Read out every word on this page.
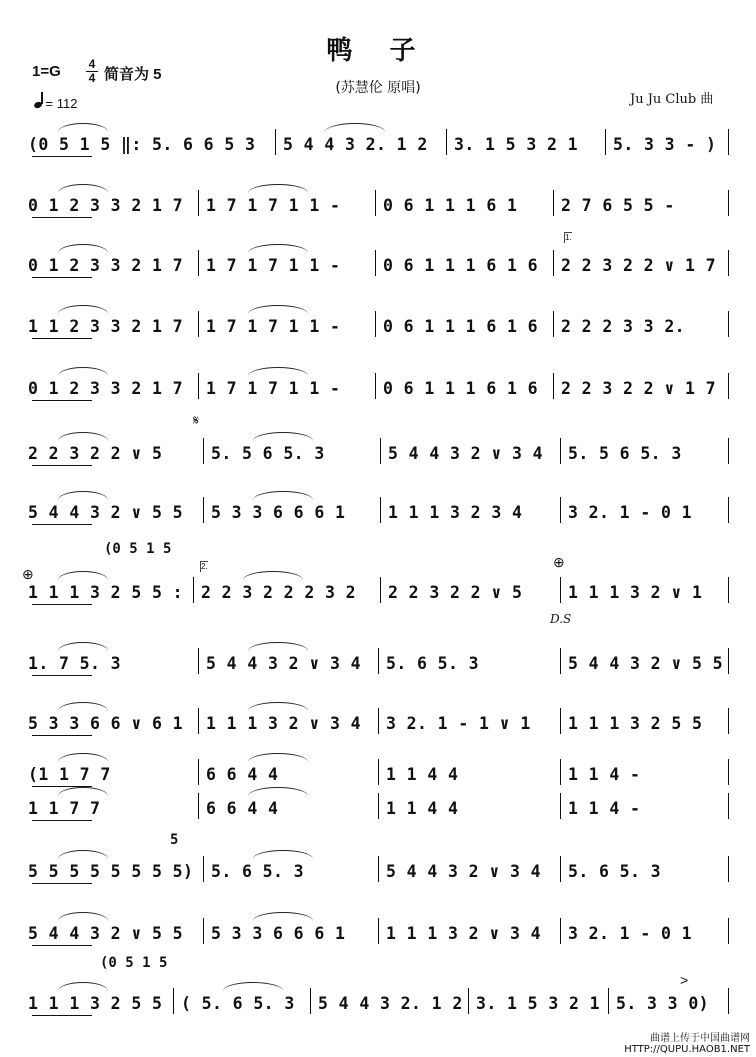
鸭 子
(苏慧伦 原唱)
1=G 4
4 简音为 5
= 112	Ju Ju Club 曲
(0 5 1 5 ‖: 5. 6 6 5 3 5 4 4 3 2. 1 2 3. 1 5 3 2 1 5. 3 3 - )
0 1 2 3 3 2 1 7 1 7 1 7 1 1 -	0 6 1 1 1 6 1	2 7 6 5 5 -
0 1 2 3 3 2 1 7 1 7 1 7 1 1 -	0 6 1 1 1 6 1 6 2 2 3 2 2 ∨ 1 7
1 1 2 3 3 2 1 7 1 7 1 7 1 1 -	0 6 1 1 1 6 1 6 2 2 2 3 3 2.
0 1 2 3 3 2 1 7 1 7 1 7 1 1 -	0 6 1 1 1 6 1 6 2 2 3 2 2 ∨ 1 7
2 2 3 2 2 ∨ 5	5. 5 6 5. 3	5 4 4 3 2 ∨ 3 4 5. 5 6 5. 3
5 4 4 3 2 ∨ 5 5 5 3 3 6 6 6 1	1 1 1 3 2 3 4	3 2. 1 - 0 1
1 1 1 3 2 5 5 : 2 2 3 2 2 2 3 2 2 2 3 2 2 ∨ 5	1 1 1 3 2 ∨ 1
1. 7 5. 3	5 4 4 3 2 ∨ 3 4 5. 6 5. 3	5 4 4 3 2 ∨ 5 5
5 3 3 6 6 ∨ 6 1 1 1 1 3 2 ∨ 3 4 3 2. 1 - 1 ∨ 1 1 1 1 3 2 5 5
(1 1 7 7	6 6 4 4	1 1 4 4	1 1 4 -
1 1 7 7	6 6 4 4	1 1 4 4	1 1 4 -
5 5 5 5 5 5 5 5) 5. 6 5. 3	5 4 4 3 2 ∨ 3 4 5. 6 5. 3
5 4 4 3 2 ∨ 5 5 5 3 3 6 6 6 1 1 1 1 3 2 ∨ 3 4 3 2. 1 - 0 1
1 1 1 3 2 5 5 ( 5. 6 5. 3 5 4 4 3 2. 1 2 3. 1 5 3 2 1 5. 3 3 0)
曲谱上传于中国曲谱网
HTTP://QUPU.HAOB1.NET
𝄋
⊕
⊕
D.S
1.
2.
(0 5 1 5
5
(0 5 1 5
>
